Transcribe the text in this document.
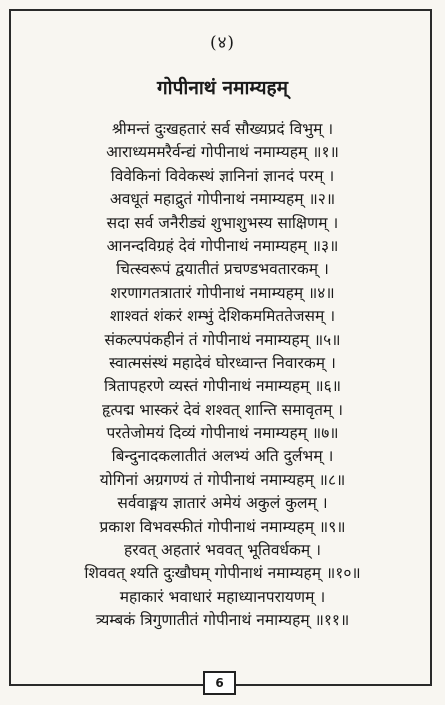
(४)
गोपीनाथं नमाम्यहम्
श्रीमन्तं दुःखहतारं सर्व सौख्यप्रदं विभुम् ।
आराध्यममरैर्वन्द्यं गोपीनाथं नमाम्यहम् ॥१॥
विवेकिनां विवेकस्थं ज्ञानिनां ज्ञानदं परम् ।
अवधूतं महाद्रुतं गोपीनाथं नमाम्यहम् ॥२॥
सदा सर्व जनैरीड्यं शुभाशुभस्य साक्षिणम् ।
आनन्दविग्रहं देवं गोपीनाथं नमाम्यहम् ॥३॥
चित्स्वरूपं द्वयातीतं प्रचण्डभवतारकम् ।
शरणागतत्रातारं गोपीनाथं नमाम्यहम् ॥४॥
शाश्वतं शंकरं शम्भुं देशिकममिततेजसम् ।
संकल्पपंकहीनं तं गोपीनाथं नमाम्यहम् ॥५॥
स्वात्मसंस्थं महादेवं घोरध्वान्त निवारकम् ।
त्रितापहरणे व्यस्तं गोपीनाथं नमाम्यहम् ॥६॥
हृत्पद्म भास्करं देवं शश्वत् शान्ति समावृतम् ।
परतेजोमयं दिव्यं गोपीनाथं नमाम्यहम् ॥७॥
बिन्दुनादकलातीतं अलभ्यं अति दुर्लभम् ।
योगिनां अग्रगण्यं तं गोपीनाथं नमाम्यहम् ॥८॥
सर्ववाङ्मय ज्ञातारं अमेयं अकुलं कुलम् ।
प्रकाश विभवस्फीतं गोपीनाथं नमाम्यहम् ॥९॥
हरवत् अहतारं भववत् भूतिवर्धकम् ।
शिववत् श्यति दुःखौघम् गोपीनाथं नमाम्यहम् ॥१०॥
महाकारं भवाधारं महाध्यानपरायणम् ।
त्र्यम्बकं त्रिगुणातीतं गोपीनाथं नमाम्यहम् ॥११॥
6
